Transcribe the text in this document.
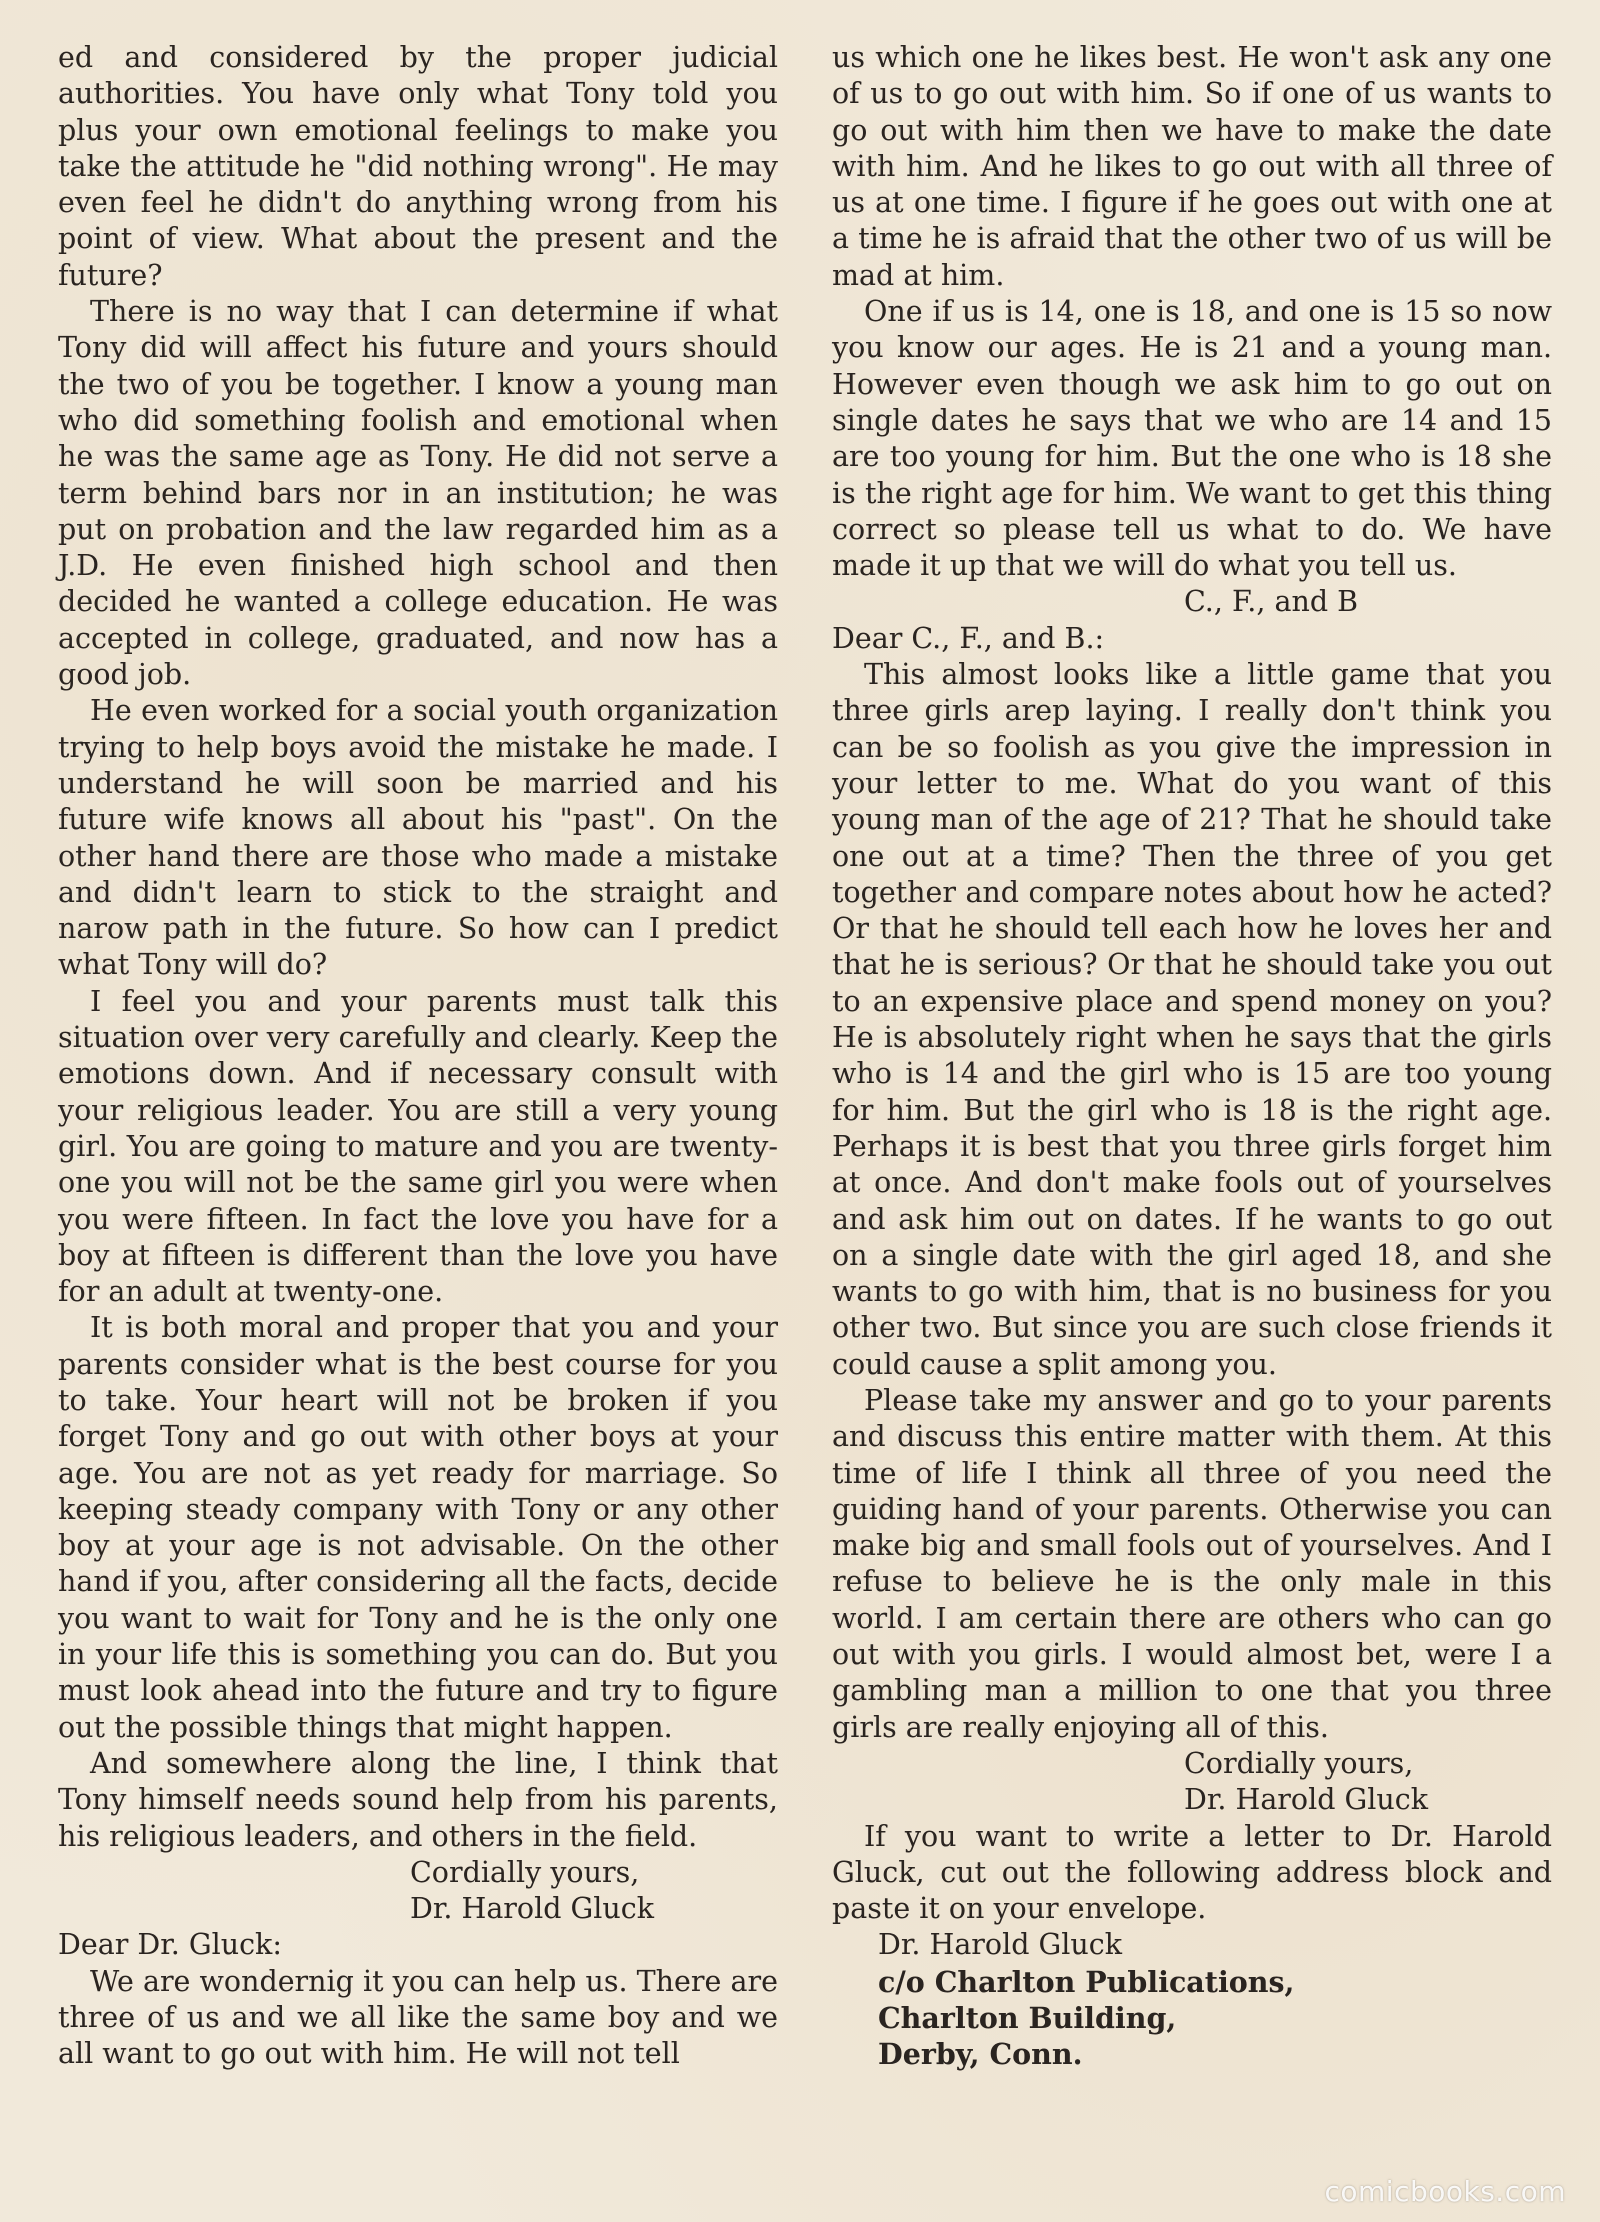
ed and considered by the proper judicial authorities. You have only what Tony told you plus your own emotional feelings to make you take the attitude he "did nothing wrong". He may even feel he didn't do anything wrong from his point of view. What about the present and the future?

There is no way that I can determine if what Tony did will affect his future and yours should the two of you be together. I know a young man who did something foolish and emotional when he was the same age as Tony. He did not serve a term behind bars nor in an institution; he was put on probation and the law regarded him as a J.D. He even finished high school and then decided he wanted a college education. He was accepted in college, graduated, and now has a good job.

He even worked for a social youth organization trying to help boys avoid the mistake he made. I understand he will soon be married and his future wife knows all about his "past". On the other hand there are those who made a mistake and didn't learn to stick to the straight and narow path in the future. So how can I predict what Tony will do?

I feel you and your parents must talk this situation over very carefully and clearly. Keep the emotions down. And if necessary consult with your religious leader. You are still a very young girl. You are going to mature and you are twenty-one you will not be the same girl you were when you were fifteen. In fact the love you have for a boy at fifteen is different than the love you have for an adult at twenty-one.

It is both moral and proper that you and your parents consider what is the best course for you to take. Your heart will not be broken if you forget Tony and go out with other boys at your age. You are not as yet ready for marriage. So keeping steady company with Tony or any other boy at your age is not advisable. On the other hand if you, after considering all the facts, decide you want to wait for Tony and he is the only one in your life this is something you can do. But you must look ahead into the future and try to figure out the possible things that might happen.

And somewhere along the line, I think that Tony himself needs sound help from his parents, his religious leaders, and others in the field.

Cordially yours,

Dr. Harold Gluck

Dear Dr. Gluck:

We are wondernig it you can help us. There are three of us and we all like the same boy and we all want to go out with him. He will not tell

us which one he likes best. He won't ask any one of us to go out with him. So if one of us wants to go out with him then we have to make the date with him. And he likes to go out with all three of us at one time. I figure if he goes out with one at a time he is afraid that the other two of us will be mad at him.

One if us is 14, one is 18, and one is 15 so now you know our ages. He is 21 and a young man. However even though we ask him to go out on single dates he says that we who are 14 and 15 are too young for him. But the one who is 18 she is the right age for him. We want to get this thing correct so please tell us what to do. We have made it up that we will do what you tell us.

C., F., and B

Dear C., F., and B.:

This almost looks like a little game that you three girls arep laying. I really don't think you can be so foolish as you give the impression in your letter to me. What do you want of this young man of the age of 21? That he should take one out at a time? Then the three of you get together and compare notes about how he acted? Or that he should tell each how he loves her and that he is serious? Or that he should take you out to an expensive place and spend money on you? He is absolutely right when he says that the girls who is 14 and the girl who is 15 are too young for him. But the girl who is 18 is the right age. Perhaps it is best that you three girls forget him at once. And don't make fools out of yourselves and ask him out on dates. If he wants to go out on a single date with the girl aged 18, and she wants to go with him, that is no business for you other two. But since you are such close friends it could cause a split among you.

Please take my answer and go to your parents and discuss this entire matter with them. At this time of life I think all three of you need the guiding hand of your parents. Otherwise you can make big and small fools out of yourselves. And I refuse to believe he is the only male in this world. I am certain there are others who can go out with you girls. I would almost bet, were I a gambling man a million to one that you three girls are really enjoying all of this.

Cordially yours,

Dr. Harold Gluck

If you want to write a letter to Dr. Harold Gluck, cut out the following address block and paste it on your envelope.

Dr. Harold Gluck

c/o Charlton Publications,

Charlton Building,

Derby, Conn.

comicbooks.com
